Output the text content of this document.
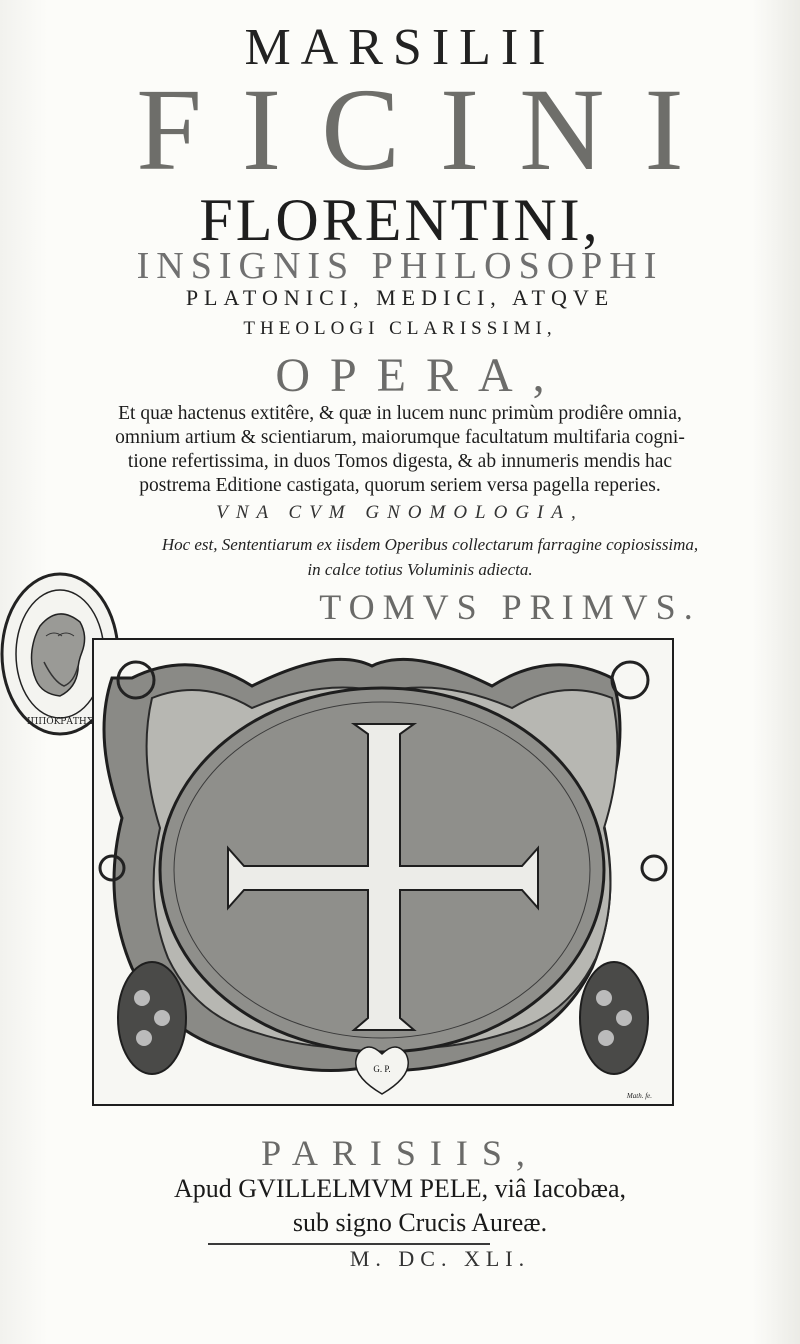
MARSILII
FICINI
FLORENTINI,
INSIGNIS PHILOSOPHI
PLATONICI, MEDICI, ATQVE
THEOLOGI CLARISSIMI,
OPERA,
Et quæ hactenus extitêre, & quæ in lucem nunc primùm prodiêre omnia,
omnium artium & scientiarum, maiorumque facultatum multifaria cogni-
tione refertissima, in duos Tomos digesta, & ab innumeris mendis hac
postrema Editione castigata, quorum seriem versa pagella reperies.
VNA CVM GNOMOLOGIA,
Hoc est, Sententiarum ex iisdem Operibus collectarum farragine copiosissima,
in calce totius Voluminis adiecta.
TOMVS PRIMVS.
ΙΠΠΟΚΡΑΤΗΣ
G. P.
Math. fe.
PARISIIS,
Apud GVILLELMVM PELE, viâ Iacobæa,
sub signo Crucis Aureæ.
M. DC. XLI.
